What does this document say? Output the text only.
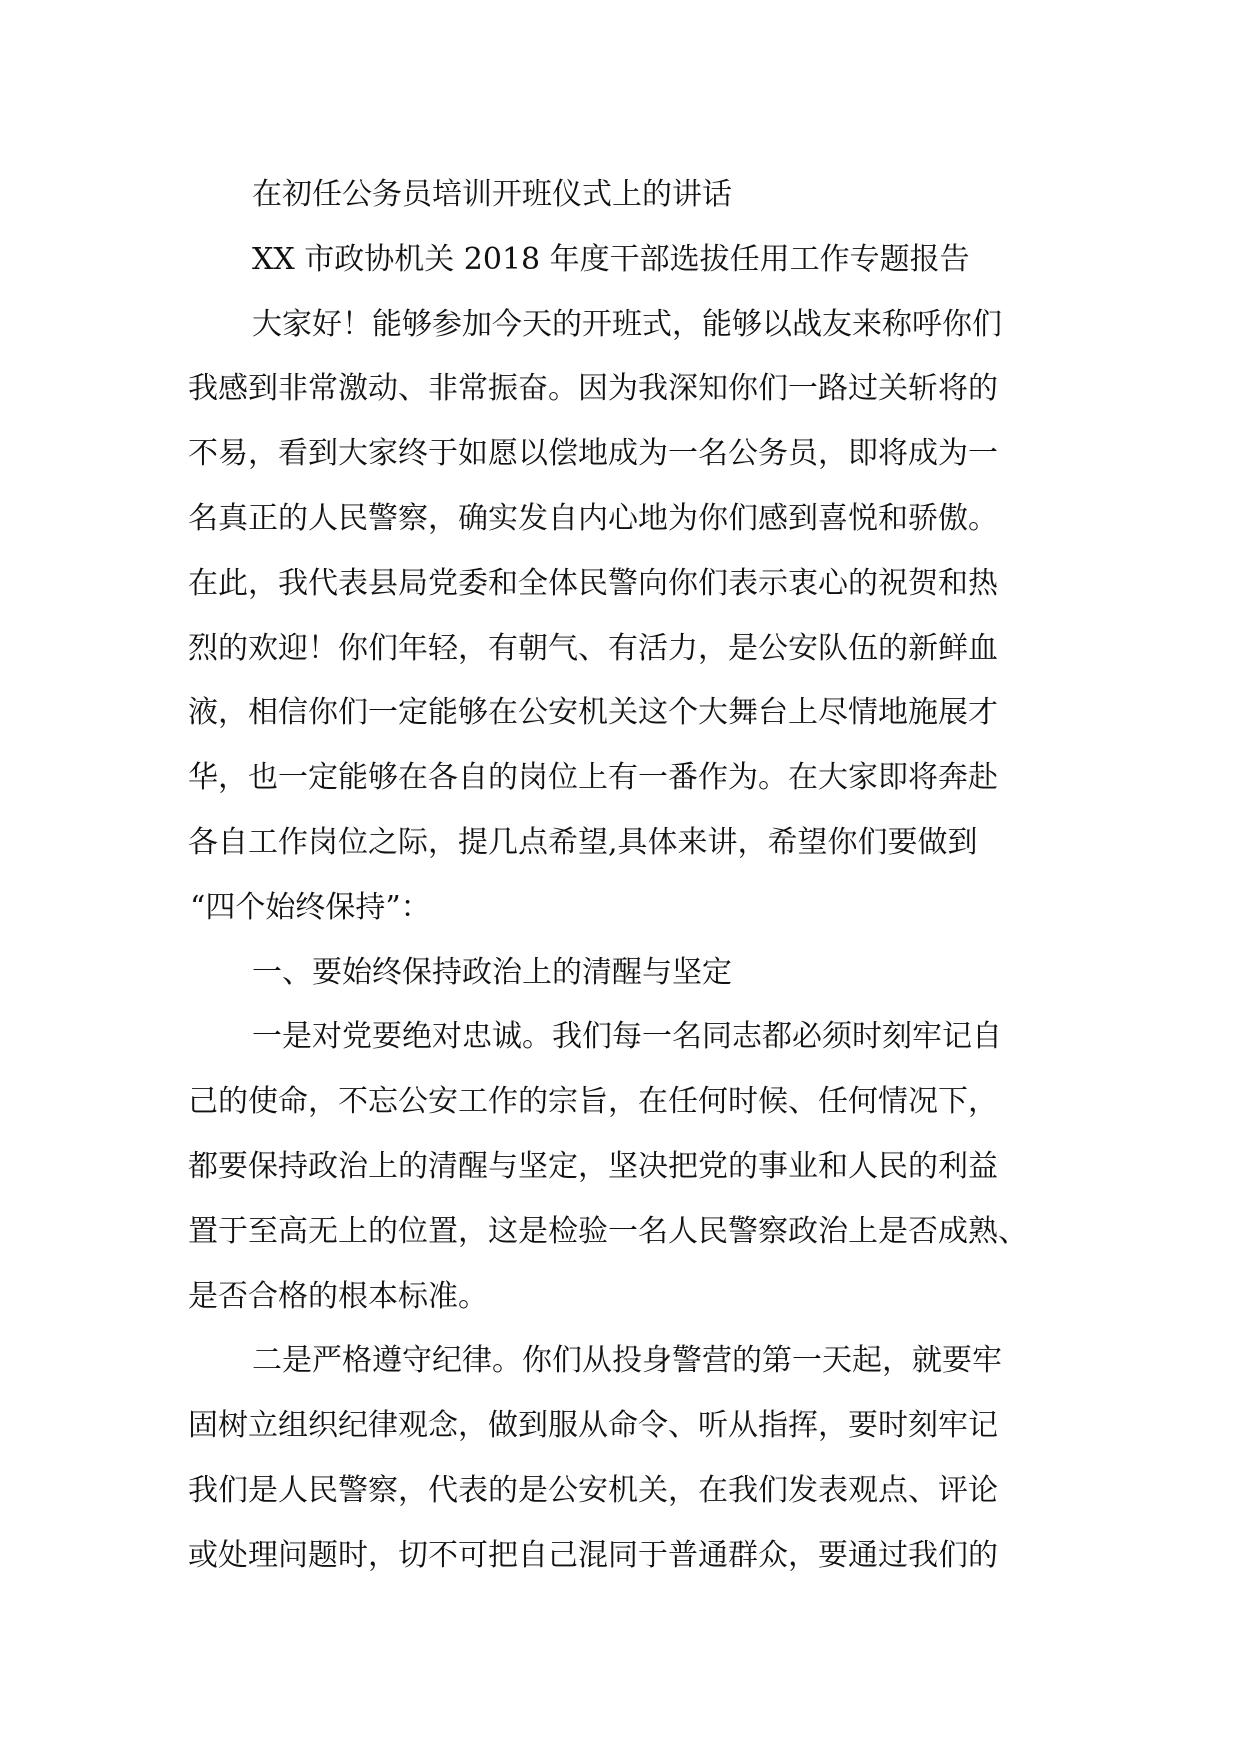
在初任公务员培训开班仪式上的讲话
XX 市政协机关 2018 年度干部选拔任用工作专题报告
大家好！能够参加今天的开班式，能够以战友来称呼你们
我感到非常激动、非常振奋。因为我深知你们一路过关斩将的
不易，看到大家终于如愿以偿地成为一名公务员，即将成为一
名真正的人民警察，确实发自内心地为你们感到喜悦和骄傲。
在此，我代表县局党委和全体民警向你们表示衷心的祝贺和热
烈的欢迎！你们年轻，有朝气、有活力，是公安队伍的新鲜血
液，相信你们一定能够在公安机关这个大舞台上尽情地施展才
华，也一定能够在各自的岗位上有一番作为。在大家即将奔赴
各自工作岗位之际，提几点希望,具体来讲，希望你们要做到
“四个始终保持”：
一、要始终保持政治上的清醒与坚定
一是对党要绝对忠诚。我们每一名同志都必须时刻牢记自
己的使命，不忘公安工作的宗旨，在任何时候、任何情况下，
都要保持政治上的清醒与坚定，坚决把党的事业和人民的利益
置于至高无上的位置，这是检验一名人民警察政治上是否成熟、
是否合格的根本标准。
二是严格遵守纪律。你们从投身警营的第一天起，就要牢
固树立组织纪律观念，做到服从命令、听从指挥，要时刻牢记
我们是人民警察，代表的是公安机关，在我们发表观点、评论
或处理问题时，切不可把自己混同于普通群众，要通过我们的
